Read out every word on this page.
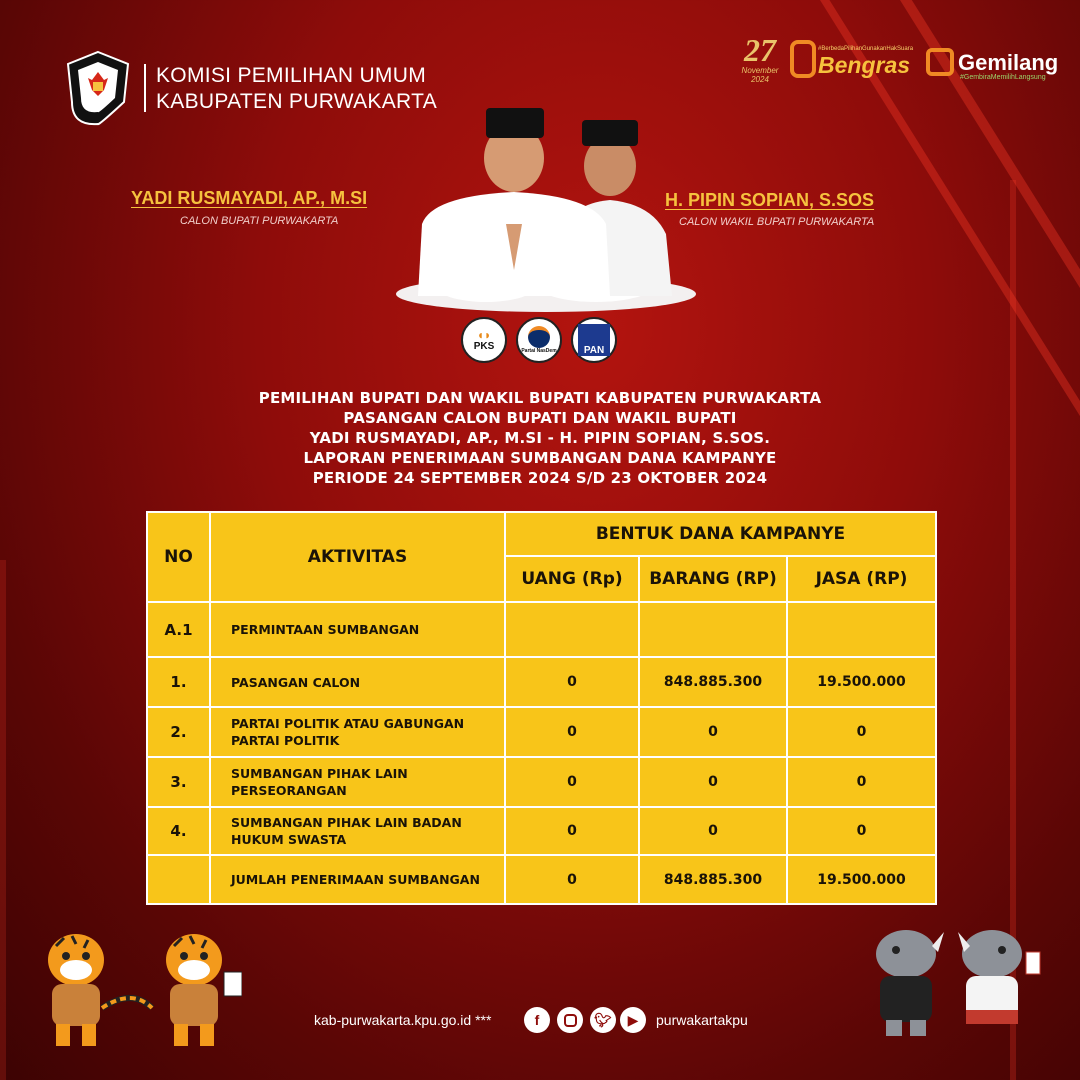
KOMISI PEMILIHAN UMUM
KABUPATEN PURWAKARTA
27
November
2024
#BerbedaPilihanGunakanHakSuara
Bengras Gemilang
#GembiraMemilihLangsung
YADI RUSMAYADI, AP., M.SI
CALON BUPATI PURWAKARTA
H. PIPIN SOPIAN, S.SOS
CALON WAKIL BUPATI PURWAKARTA
◖◗
PKS	Partai NasDem	PAN
PEMILIHAN BUPATI DAN WAKIL BUPATI KABUPATEN PURWAKARTA
PASANGAN CALON BUPATI DAN WAKIL BUPATI
YADI RUSMAYADI, AP., M.SI - H. PIPIN SOPIAN, S.SOS.
LAPORAN PENERIMAAN SUMBANGAN DANA KAMPANYE
PERIODE 24 SEPTEMBER 2024 S/D 23 OKTOBER 2024
NO	AKTIVITAS	BENTUK DANA KAMPANYE		
		UANG (Rp)	BARANG (RP)	JASA (RP)
A.1	PERMINTAAN SUMBANGAN			

1.	PASANGAN CALON	0	848.885.300	19.500.000
2.	PARTAI POLITIK ATAU GABUNGAN
PARTAI POLITIK	0	0	0
3.	SUMBANGAN PIHAK LAIN
PERSEORANGAN	0	0	0
4.	SUMBANGAN PIHAK LAIN BADAN
HUKUM SWASTA	0	0	0

	JUMLAH PENERIMAAN SUMBANGAN	0	848.885.300	19.500.000
kab-purwakarta.kpu.go.id ***	f	🐦︎	▶	purwakartakpu
